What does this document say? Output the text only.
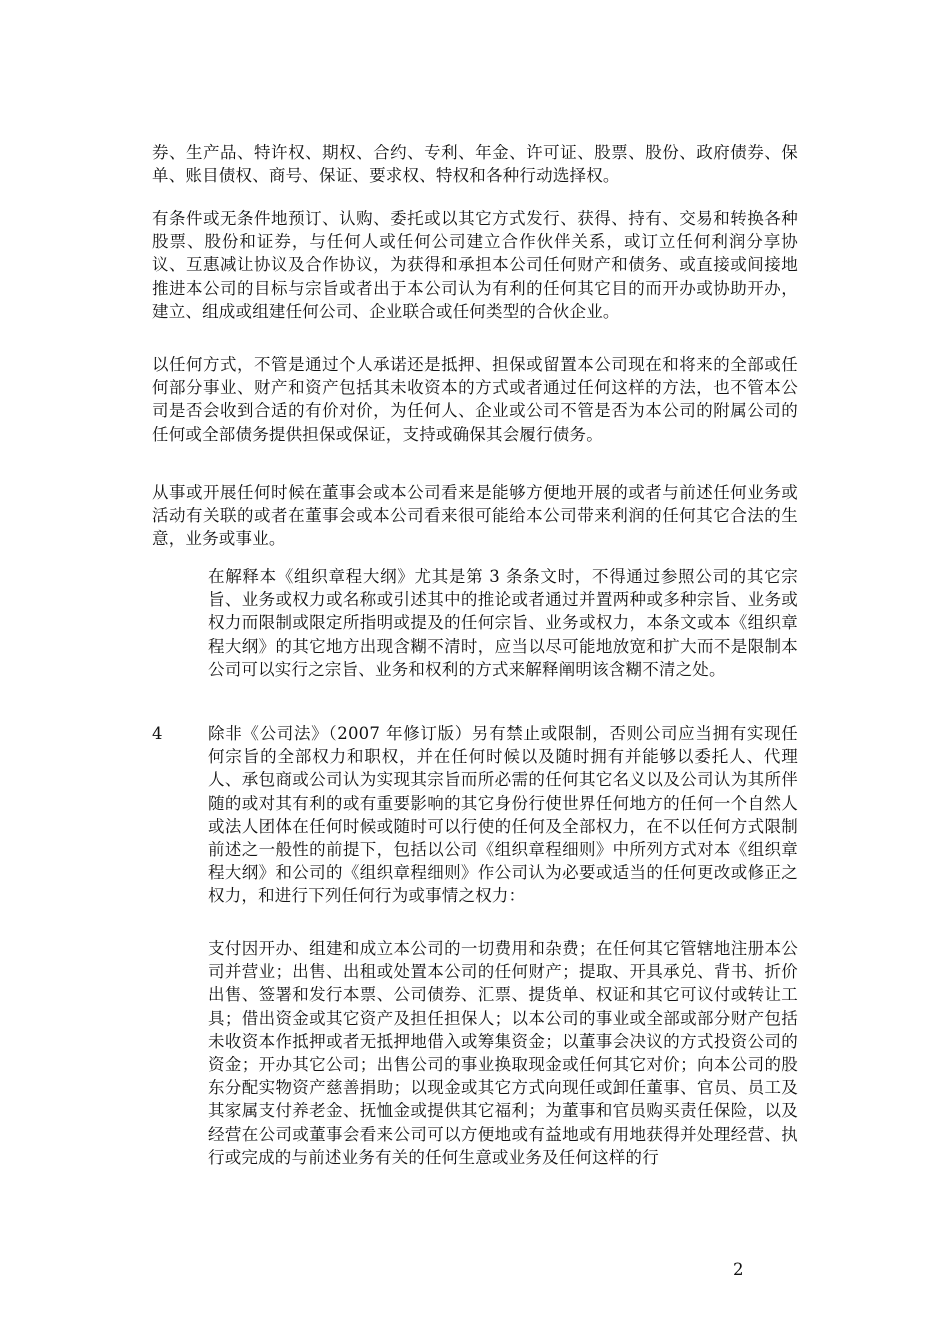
券、生产品、特许权、期权、合约、专利、年金、许可证、股票、股份、政府债券、保单、账目债权、商号、保证、要求权、特权和各种行动选择权。

有条件或无条件地预订、认购、委托或以其它方式发行、获得、持有、交易和转换各种股票、股份和证券，与任何人或任何公司建立合作伙伴关系，或订立任何利润分享协议、互惠减让协议及合作协议，为获得和承担本公司任何财产和债务、或直接或间接地推进本公司的目标与宗旨或者出于本公司认为有利的任何其它目的而开办或协助开办，建立、组成或组建任何公司、企业联合或任何类型的合伙企业。

以任何方式，不管是通过个人承诺还是抵押、担保或留置本公司现在和将来的全部或任何部分事业、财产和资产包括其未收资本的方式或者通过任何这样的方法，也不管本公司是否会收到合适的有价对价，为任何人、企业或公司不管是否为本公司的附属公司的任何或全部债务提供担保或保证，支持或确保其会履行债务。

从事或开展任何时候在董事会或本公司看来是能够方便地开展的或者与前述任何业务或活动有关联的或者在董事会或本公司看来很可能给本公司带来利润的任何其它合法的生意，业务或事业。

在解释本《组织章程大纲》尤其是第 3 条条文时，不得通过参照公司的其它宗旨、业务或权力或名称或引述其中的推论或者通过并置两种或多种宗旨、业务或权力而限制或限定所指明或提及的任何宗旨、业务或权力，本条文或本《组织章程大纲》的其它地方出现含糊不清时，应当以尽可能地放宽和扩大而不是限制本公司可以实行之宗旨、业务和权利的方式来解释阐明该含糊不清之处。

4	除非《公司法》（2007 年修订版）另有禁止或限制，否则公司应当拥有实现任何宗旨的全部权力和职权，并在任何时候以及随时拥有并能够以委托人、代理人、承包商或公司认为实现其宗旨而所必需的任何其它名义以及公司认为其所伴随的或对其有利的或有重要影响的其它身份行使世界任何地方的任何一个自然人或法人团体在任何时候或随时可以行使的任何及全部权力，在不以任何方式限制前述之一般性的前提下，包括以公司《组织章程细则》中所列方式对本《组织章程大纲》和公司的《组织章程细则》作公司认为必要或适当的任何更改或修正之权力，和进行下列任何行为或事情之权力：

支付因开办、组建和成立本公司的一切费用和杂费；在任何其它管辖地注册本公司并营业；出售、出租或处置本公司的任何财产；提取、开具承兑、背书、折价出售、签署和发行本票、公司债券、汇票、提货单、权证和其它可议付或转让工具；借出资金或其它资产及担任担保人；以本公司的事业或全部或部分财产包括未收资本作抵押或者无抵押地借入或筹集资金；以董事会决议的方式投资公司的资金；开办其它公司；出售公司的事业换取现金或任何其它对价；向本公司的股东分配实物资产慈善捐助；以现金或其它方式向现任或卸任董事、官员、员工及其家属支付养老金、抚恤金或提供其它福利；为董事和官员购买责任保险，以及经营在公司或董事会看来公司可以方便地或有益地或有用地获得并处理经营、执行或完成的与前述业务有关的任何生意或业务及任何这样的行

2
